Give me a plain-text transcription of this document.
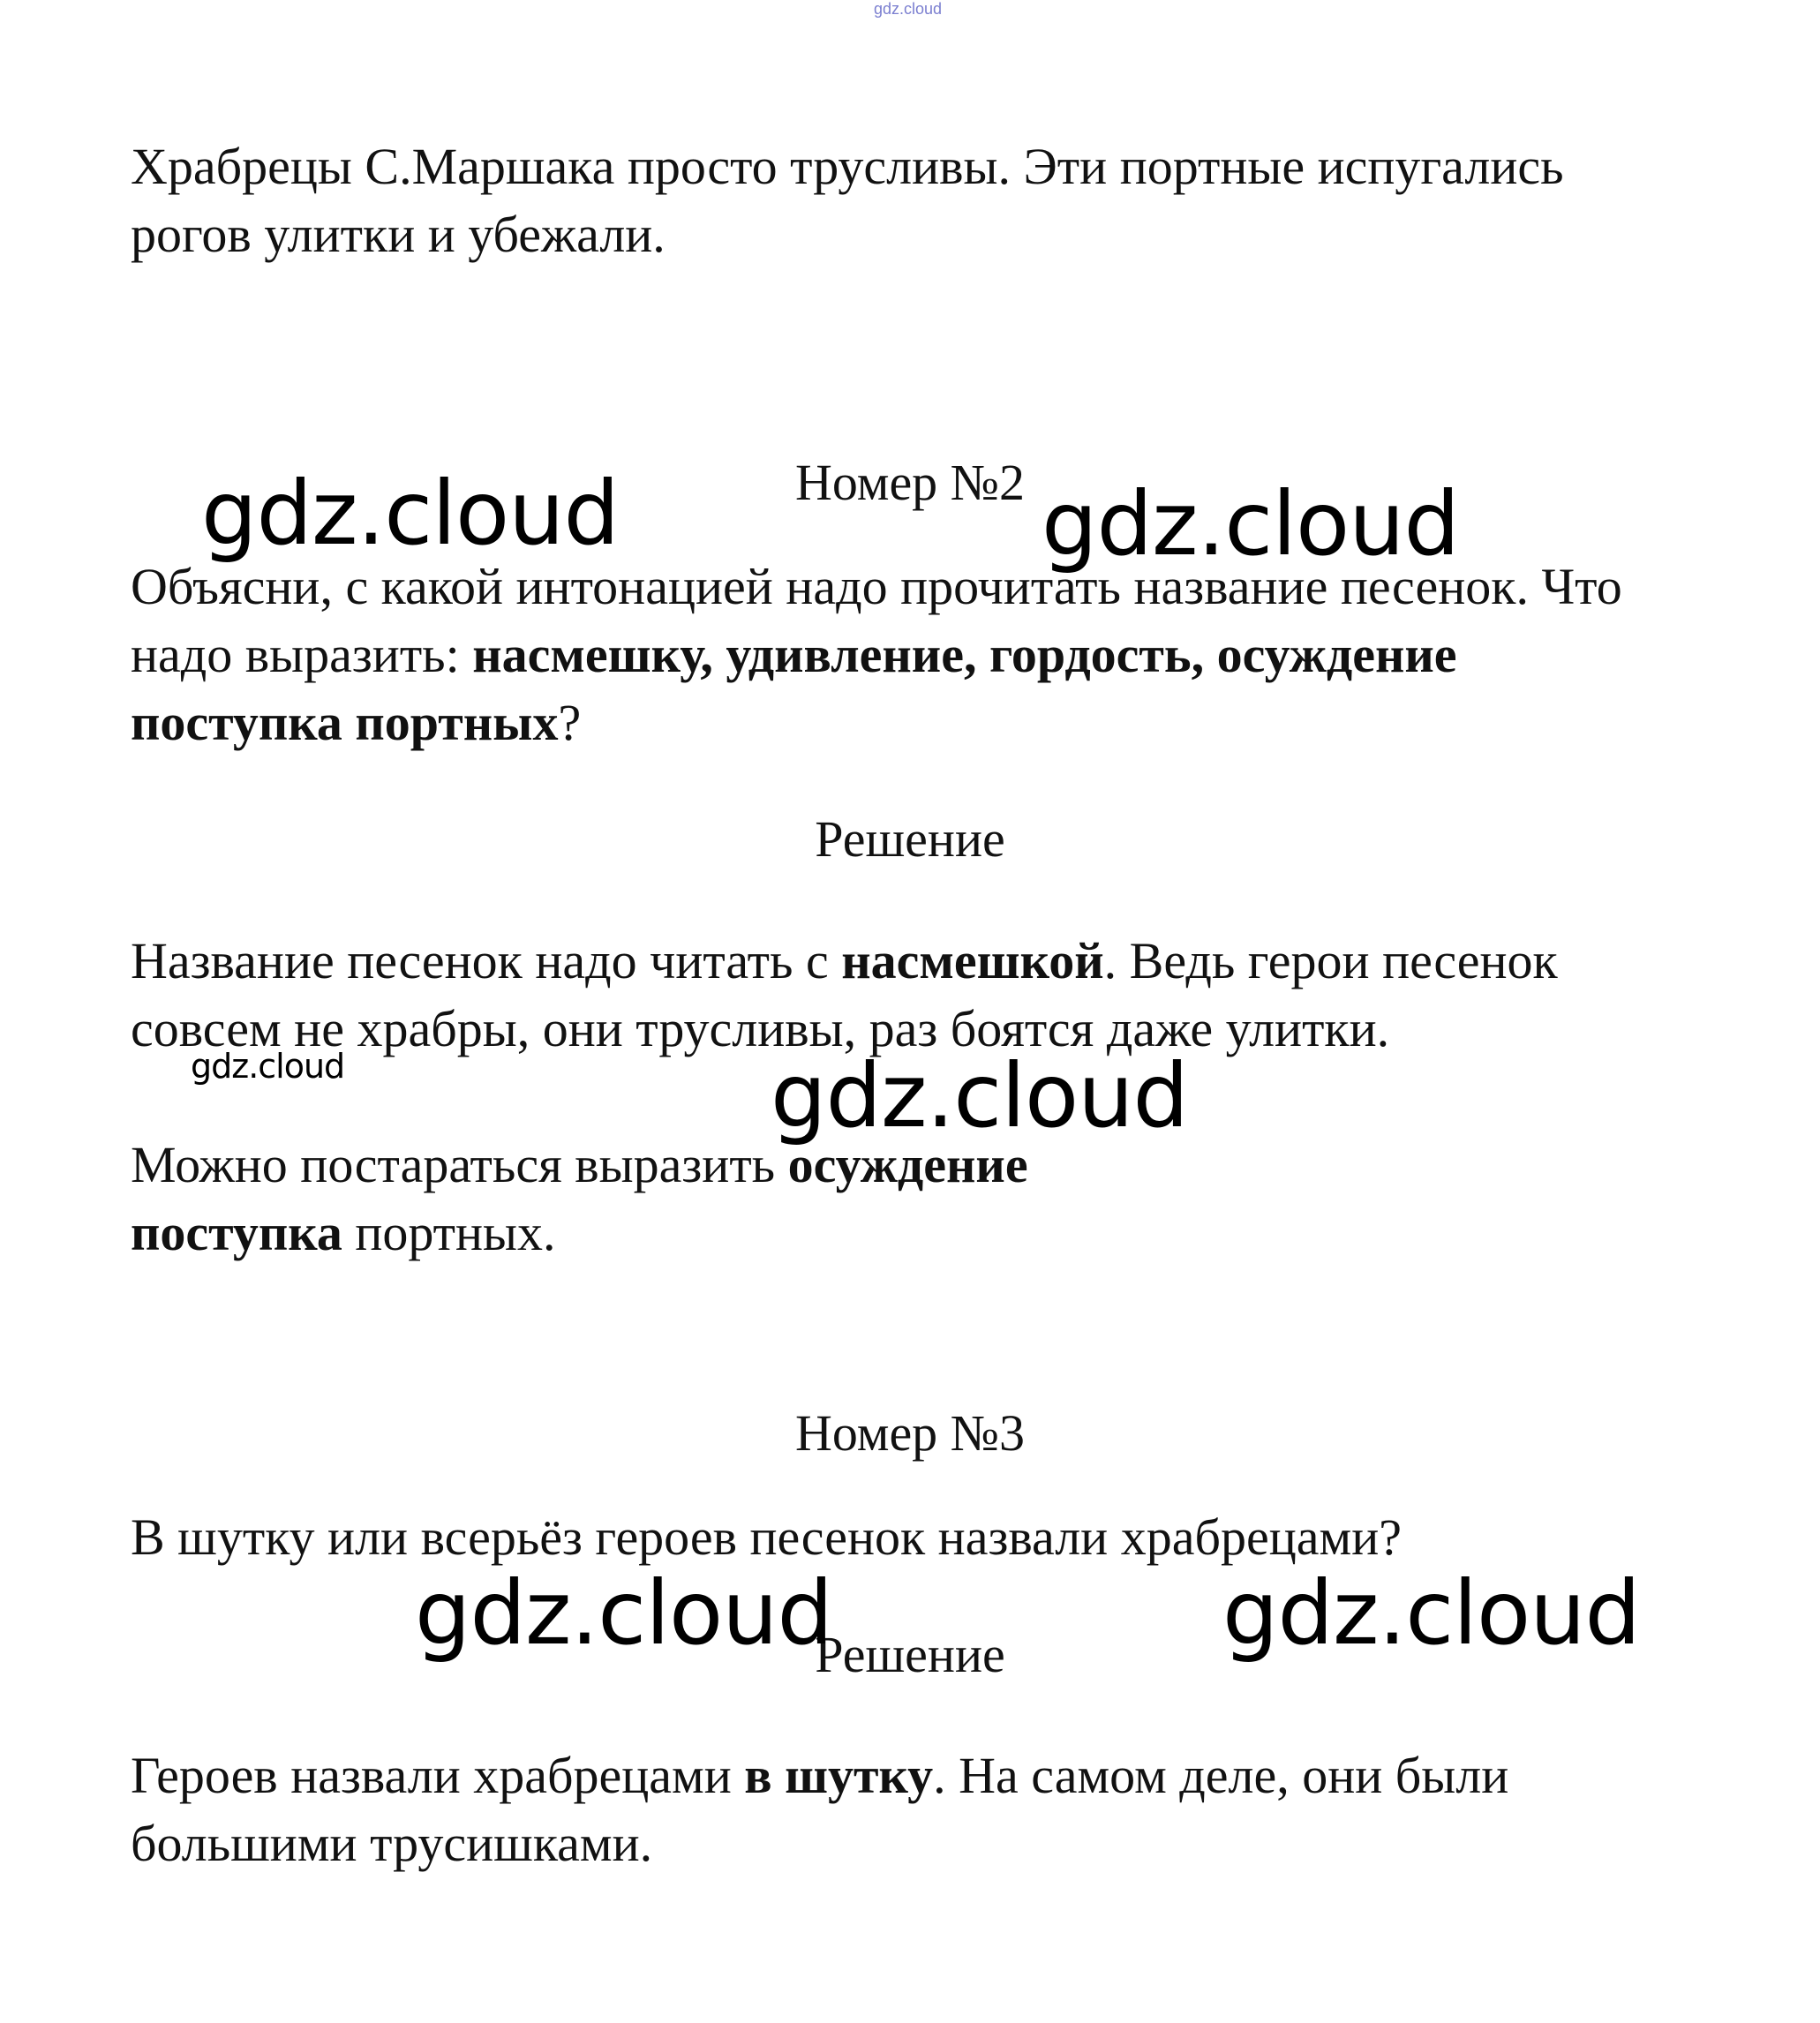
gdz.cloud

Храбрецы С.Маршака просто трусливы. Эти портные испугались рогов улитки и убежали.

Номер №2

Объясни, с какой интонацией надо прочитать название песенок. Что надо выразить: насмешку, удивление, гордость, осуждение поступка портных?

Решение

Название песенок надо читать с насмешкой. Ведь герои песенок совсем не храбры, они трусливы, раз боятся даже улитки.

Можно постараться выразить осуждение поступка портных.

Номер №3

В шутку или всерьёз героев песенок назвали храбрецами?

Решение

Героев назвали храбрецами в шутку. На самом деле, они были большими трусишками.

gdz.cloud	gdz.cloud
gdz.cloud	gdz.cloud
gdz.cloud	gdz.cloud
